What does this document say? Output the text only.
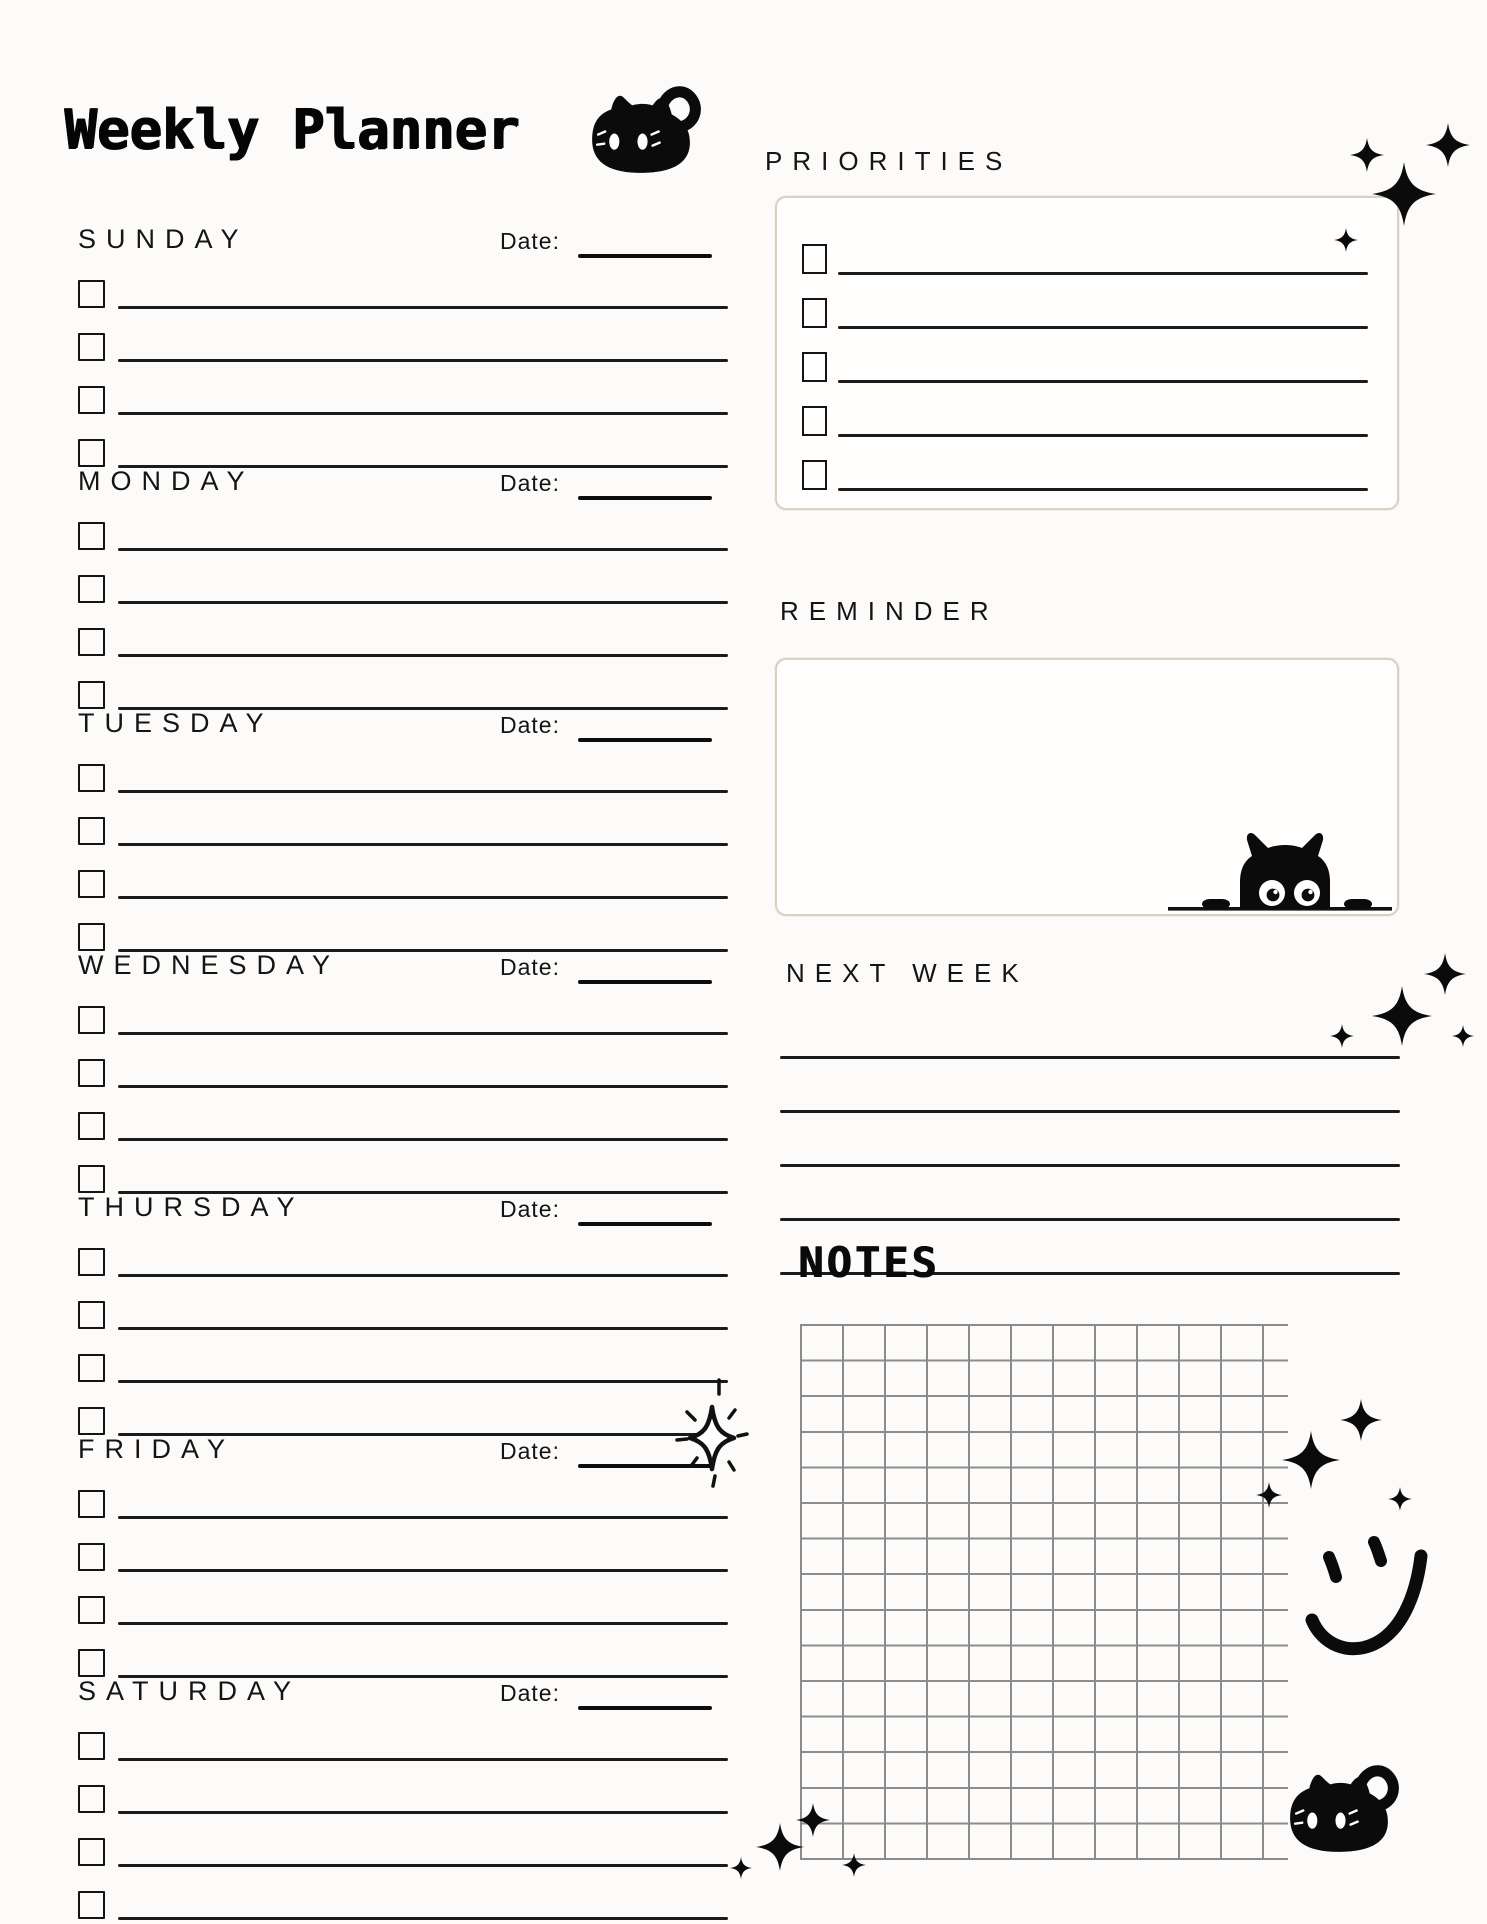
Weekly Planner
SUNDAY	Date:
MONDAY	Date:
TUESDAY	Date:
WEDNESDAY	Date:
THURSDAY	Date:
FRIDAY	Date:
SATURDAY	Date:
PRIORITIES
REMINDER
NEXT WEEK
NOTES
